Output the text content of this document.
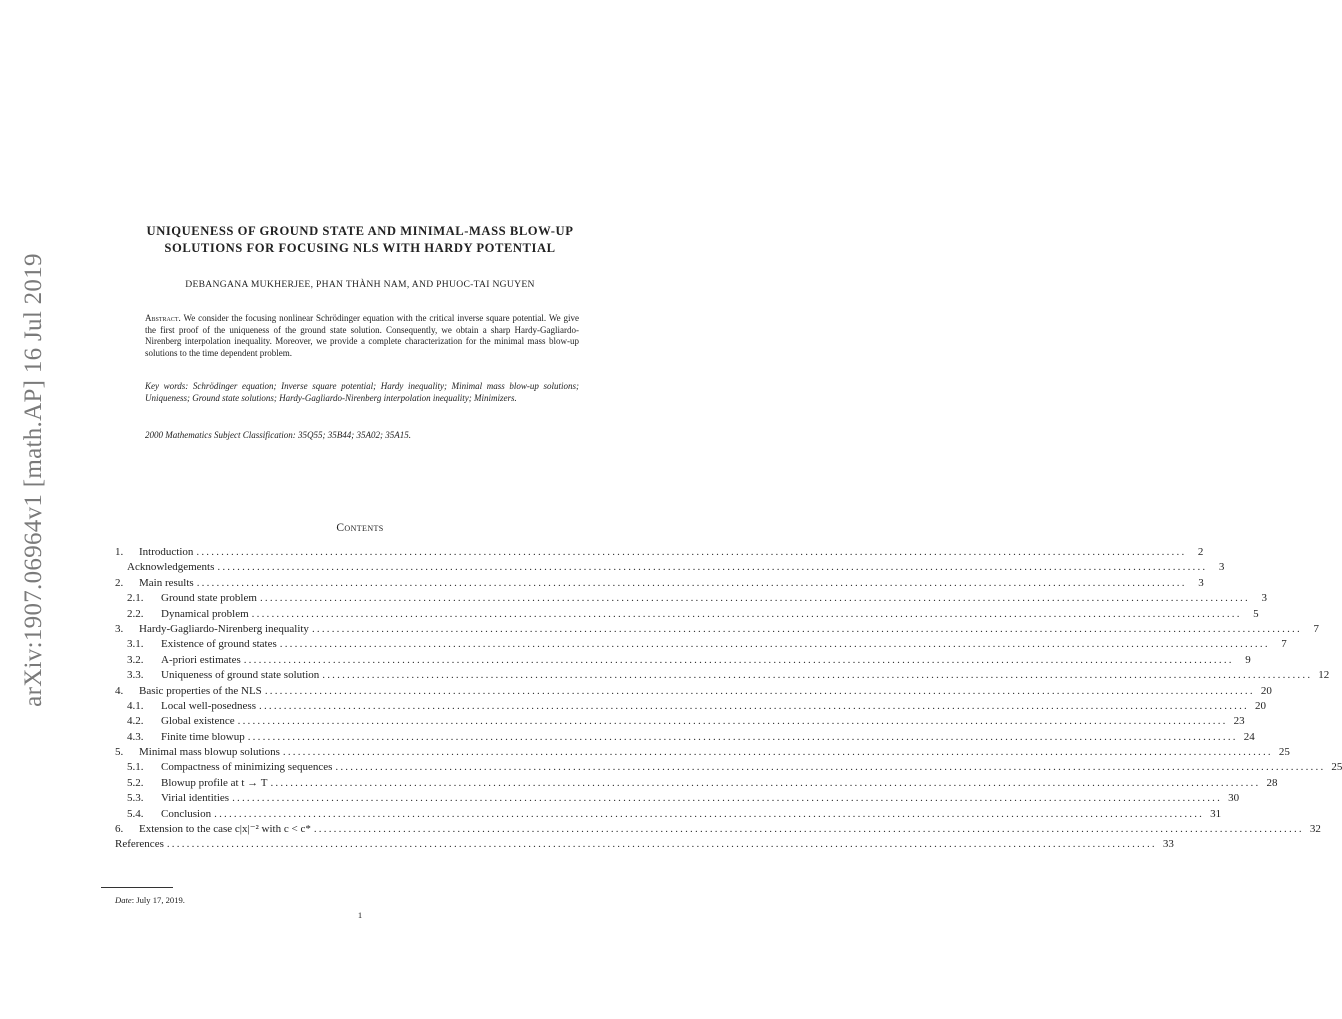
arXiv:1907.06964v1 [math.AP] 16 Jul 2019
UNIQUENESS OF GROUND STATE AND MINIMAL-MASS BLOW-UP
SOLUTIONS FOR FOCUSING NLS WITH HARDY POTENTIAL
DEBANGANA MUKHERJEE, PHAN THÀNH NAM, AND PHUOC-TAI NGUYEN
Abstract. We consider the focusing nonlinear Schrödinger equation with the critical inverse square potential. We give the first proof of the uniqueness of the ground state solution. Consequently, we obtain a sharp Hardy-Gagliardo-Nirenberg interpolation inequality. Moreover, we provide a complete characterization for the minimal mass blow-up solutions to the time dependent problem.
Key words: Schrödinger equation; Inverse square potential; Hardy inequality; Minimal mass blow-up solutions; Uniqueness; Ground state solutions; Hardy-Gagliardo-Nirenberg interpolation inequality; Minimizers.
2000 Mathematics Subject Classification: 35Q55; 35B44; 35A02; 35A15.
Contents
1.	Introduction ........................................................................................................................................................................................................	2
Acknowledgements ........................................................................................................................................................................................................	3
2.	Main results ........................................................................................................................................................................................................	3
2.1.	Ground state problem ........................................................................................................................................................................................................	3
2.2.	Dynamical problem ........................................................................................................................................................................................................	5
3.	Hardy-Gagliardo-Nirenberg inequality ........................................................................................................................................................................................................	7
3.1.	Existence of ground states ........................................................................................................................................................................................................	7
3.2.	A-priori estimates ........................................................................................................................................................................................................	9
3.3.	Uniqueness of ground state solution ........................................................................................................................................................................................................ 12
4.	Basic properties of the NLS ........................................................................................................................................................................................................ 20
4.1.	Local well-posedness ........................................................................................................................................................................................................ 20
4.2.	Global existence ........................................................................................................................................................................................................ 23
4.3.	Finite time blowup ........................................................................................................................................................................................................ 24
5.	Minimal mass blowup solutions ........................................................................................................................................................................................................ 25
5.1.	Compactness of minimizing sequences ........................................................................................................................................................................................................ 25
5.2.	Blowup profile at t → T ........................................................................................................................................................................................................ 28
5.3.	Virial identities ........................................................................................................................................................................................................ 30
5.4.	Conclusion ........................................................................................................................................................................................................ 31
6.	Extension to the case c|x|⁻² with c < c* ........................................................................................................................................................................................................ 32
References ........................................................................................................................................................................................................ 33
Date: July 17, 2019.
1
